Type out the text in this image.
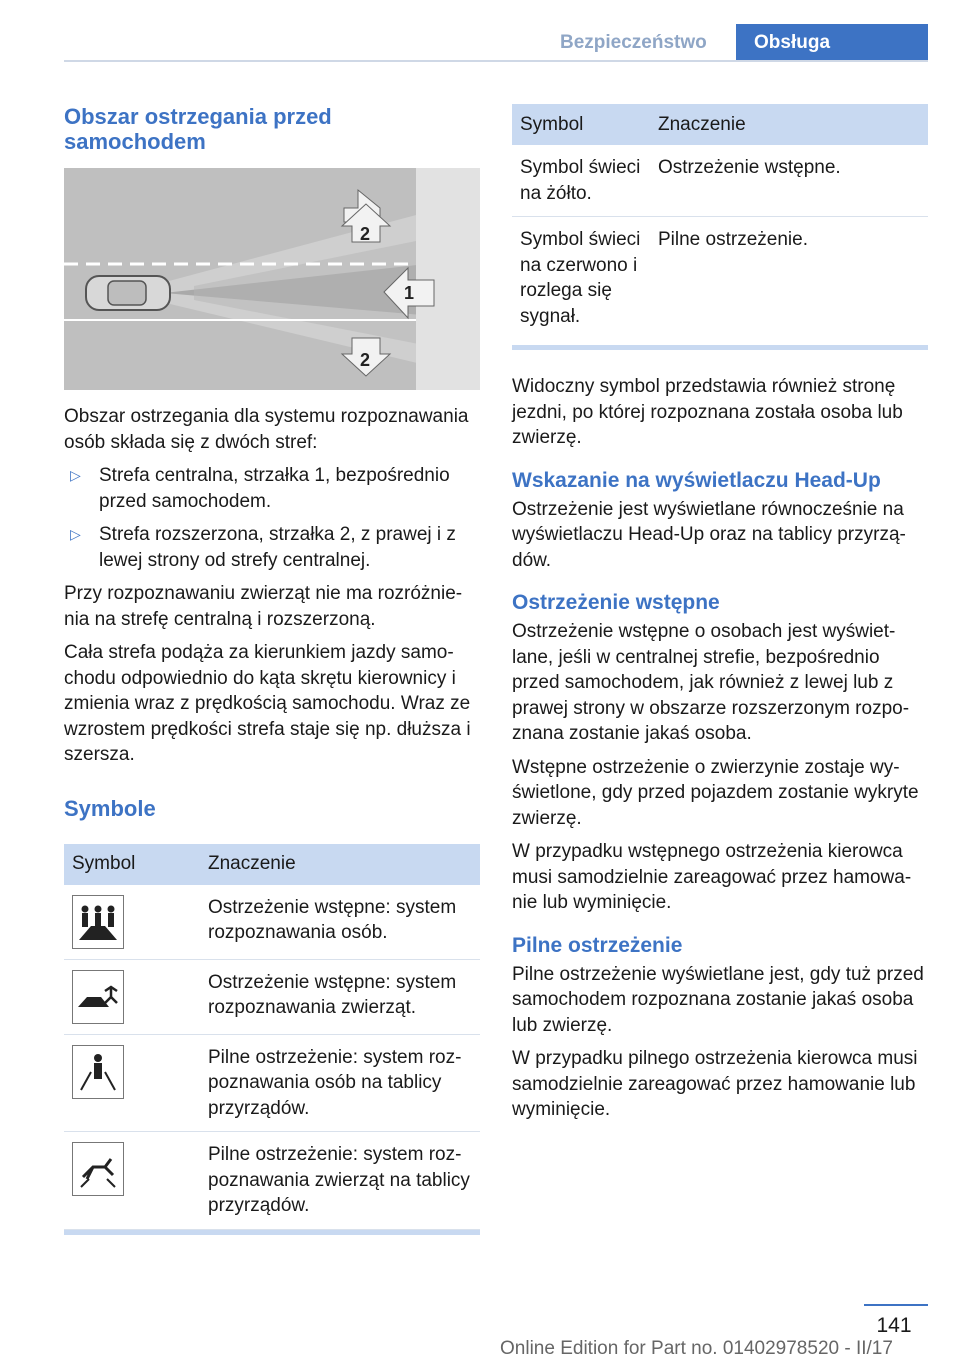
Bezpieczeństwo	Obsługa
Obszar ostrzegania przed samochodem
1
2
2

Obszar ostrzegania dla systemu rozpoznawania osób składa się z dwóch stref:

▷ Strefa centralna, strzałka 1, bezpośrednio przed samochodem.
▷ Strefa rozszerzona, strzałka 2, z prawej i z lewej strony od strefy centralnej.

Przy rozpoznawaniu zwierząt nie ma rozróżnienia na strefę centralną i rozszerzoną.

Cała strefa podąża za kierunkiem jazdy samochodu odpowiednio do kąta skrętu kierownicy i zmienia wraz z prędkością samochodu. Wraz ze wzrostem prędkości strefa staje się np. dłuższa i szersza.

Symbole
Symbol	Znaczenie

	Ostrzeżenie wstępne: system rozpoznawania osób.

	Ostrzeżenie wstępne: system rozpoznawania zwierząt.

	Pilne ostrzeżenie: system rozpoznawania osób na tablicy przyrządów.

	Pilne ostrzeżenie: system rozpoznawania zwierząt na tablicy przyrządów.
Symbol	Znaczenie
Symbol świeci na żółto.	Ostrzeżenie wstępne.
Symbol świeci na czerwono i rozlega się sygnał.	Pilne ostrzeżenie.

Widoczny symbol przedstawia również stronę jezdni, po której rozpoznana została osoba lub zwierzę.

Wskazanie na wyświetlaczu Head-Up

Ostrzeżenie jest wyświetlane równocześnie na wyświetlaczu Head-Up oraz na tablicy przyrządów.

Ostrzeżenie wstępne

Ostrzeżenie wstępne o osobach jest wyświetlane, jeśli w centralnej strefie, bezpośrednio przed samochodem, jak również z lewej lub z prawej strony w obszarze rozszerzonym rozpoznana zostanie jakaś osoba.

Wstępne ostrzeżenie o zwierzynie zostaje wyświetlone, gdy przed pojazdem zostanie wykryte zwierzę.

W przypadku wstępnego ostrzeżenia kierowca musi samodzielnie zareagować przez hamowanie lub wyminięcie.

Pilne ostrzeżenie

Pilne ostrzeżenie wyświetlane jest, gdy tuż przed samochodem rozpoznana zostanie jakaś osoba lub zwierzę.

W przypadku pilnego ostrzeżenia kierowca musi samodzielnie zareagować przez hamowanie lub wyminięcie.

141
Online Edition for Part no. 01402978520 - II/17
